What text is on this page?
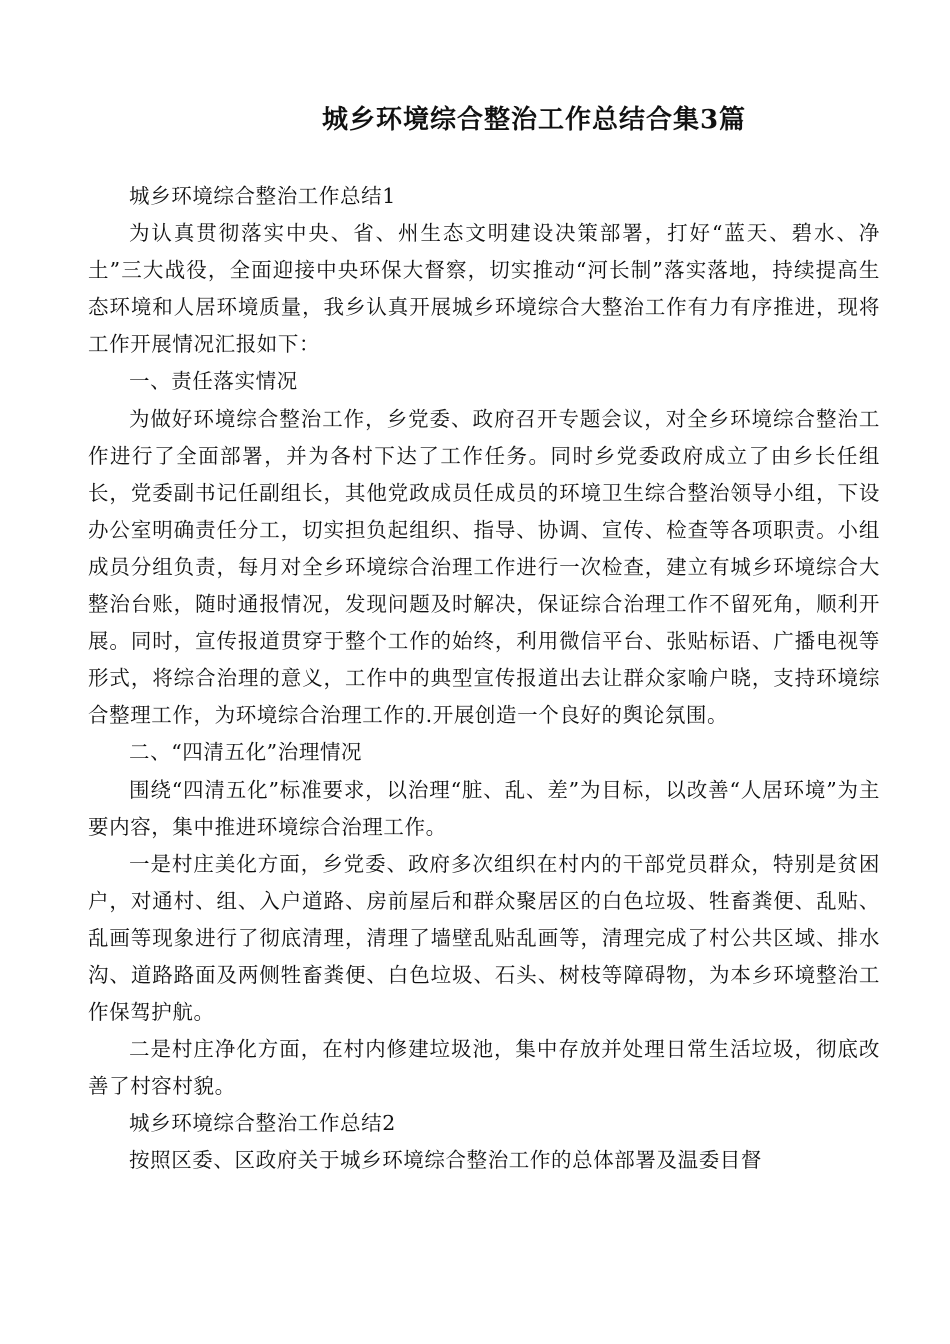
城乡环境综合整治工作总结合集3篇

城乡环境综合整治工作总结1

为认真贯彻落实中央、省、州生态文明建设决策部署，打好“蓝天、碧水、净土”三大战役，全面迎接中央环保大督察，切实推动“河长制”落实落地，持续提高生态环境和人居环境质量，我乡认真开展城乡环境综合大整治工作有力有序推进，现将工作开展情况汇报如下：

一、责任落实情况

为做好环境综合整治工作，乡党委、政府召开专题会议，对全乡环境综合整治工作进行了全面部署，并为各村下达了工作任务。同时乡党委政府成立了由乡长任组长，党委副书记任副组长，其他党政成员任成员的环境卫生综合整治领导小组，下设办公室明确责任分工，切实担负起组织、指导、协调、宣传、检查等各项职责。小组成员分组负责，每月对全乡环境综合治理工作进行一次检查，建立有城乡环境综合大整治台账，随时通报情况，发现问题及时解决，保证综合治理工作不留死角，顺利开展。同时，宣传报道贯穿于整个工作的始终，利用微信平台、张贴标语、广播电视等形式，将综合治理的意义，工作中的典型宣传报道出去让群众家喻户晓，支持环境综合整理工作，为环境综合治理工作的.开展创造一个良好的舆论氛围。

二、“四清五化”治理情况

围绕“四清五化”标准要求，以治理“脏、乱、差”为目标，以改善“人居环境”为主要内容，集中推进环境综合治理工作。

一是村庄美化方面，乡党委、政府多次组织在村内的干部党员群众，特别是贫困户，对通村、组、入户道路、房前屋后和群众聚居区的白色垃圾、牲畜粪便、乱贴、乱画等现象进行了彻底清理，清理了墙壁乱贴乱画等，清理完成了村公共区域、排水沟、道路路面及两侧牲畜粪便、白色垃圾、石头、树枝等障碍物，为本乡环境整治工作保驾护航。

二是村庄净化方面，在村内修建垃圾池，集中存放并处理日常生活垃圾，彻底改善了村容村貌。

城乡环境综合整治工作总结2

按照区委、区政府关于城乡环境综合整治工作的总体部署及温委目督
